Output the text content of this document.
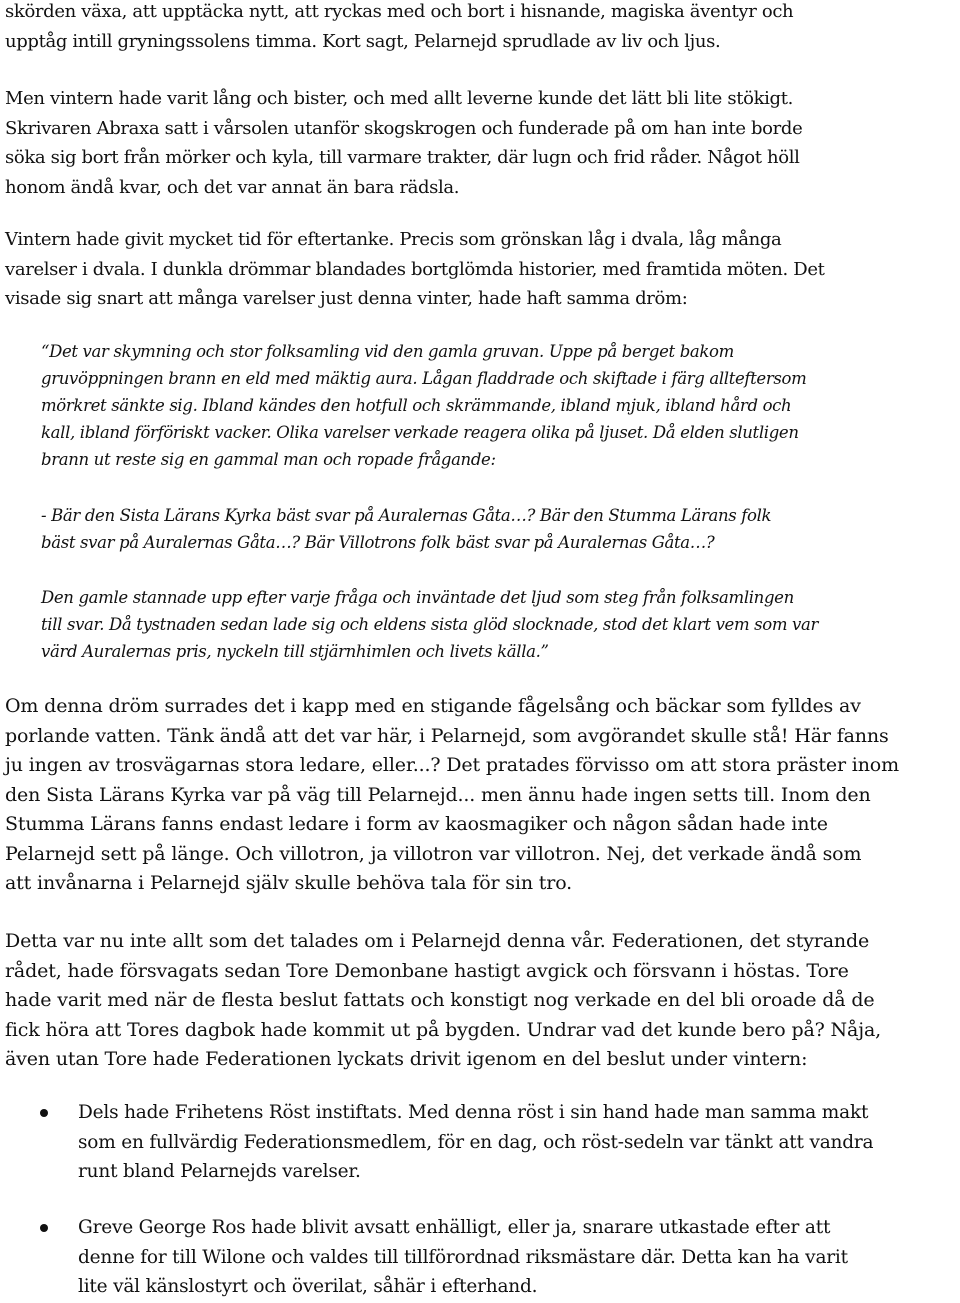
skörden växa, att upptäcka nytt, att ryckas med och bort i hisnande, magiska äventyr och
upptåg intill gryningssolens timma. Kort sagt, Pelarnejd sprudlade av liv och ljus.
Men vintern hade varit lång och bister, och med allt leverne kunde det lätt bli lite stökigt.
Skrivaren Abraxa satt i vårsolen utanför skogskrogen och funderade på om han inte borde
söka sig bort från mörker och kyla, till varmare trakter, där lugn och frid råder. Något höll
honom ändå kvar, och det var annat än bara rädsla.
Vintern hade givit mycket tid för eftertanke. Precis som grönskan låg i dvala, låg många
varelser i dvala. I dunkla drömmar blandades bortglömda historier, med framtida möten. Det
visade sig snart att många varelser just denna vinter, hade haft samma dröm:
“Det var skymning och stor folksamling vid den gamla gruvan. Uppe på berget bakom
gruvöppningen brann en eld med mäktig aura. Lågan fladdrade och skiftade i färg allteftersom
mörkret sänkte sig. Ibland kändes den hotfull och skrämmande, ibland mjuk, ibland hård och
kall, ibland förföriskt vacker. Olika varelser verkade reagera olika på ljuset. Då elden slutligen
brann ut reste sig en gammal man och ropade frågande:
- Bär den Sista Lärans Kyrka bäst svar på Auralernas Gåta…? Bär den Stumma Lärans folk
bäst svar på Auralernas Gåta…? Bär Villotrons folk bäst svar på Auralernas Gåta…?
Den gamle stannade upp efter varje fråga och inväntade det ljud som steg från folksamlingen
till svar. Då tystnaden sedan lade sig och eldens sista glöd slocknade, stod det klart vem som var
värd Auralernas pris, nyckeln till stjärnhimlen och livets källa.”
Om denna dröm surrades det i kapp med en stigande fågelsång och bäckar som fylldes av
porlande vatten. Tänk ändå att det var här, i Pelarnejd, som avgörandet skulle stå! Här fanns
ju ingen av trosvägarnas stora ledare, eller...? Det pratades förvisso om att stora präster inom
den Sista Lärans Kyrka var på väg till Pelarnejd... men ännu hade ingen setts till. Inom den
Stumma Lärans fanns endast ledare i form av kaosmagiker och någon sådan hade inte
Pelarnejd sett på länge. Och villotron, ja villotron var villotron. Nej, det verkade ändå som
att invånarna i Pelarnejd själv skulle behöva tala för sin tro.
Detta var nu inte allt som det talades om i Pelarnejd denna vår. Federationen, det styrande
rådet, hade försvagats sedan Tore Demonbane hastigt avgick och försvann i höstas. Tore
hade varit med när de flesta beslut fattats och konstigt nog verkade en del bli oroade då de
fick höra att Tores dagbok hade kommit ut på bygden. Undrar vad det kunde bero på? Nåja,
även utan Tore hade Federationen lyckats drivit igenom en del beslut under vintern:
Dels hade Frihetens Röst instiftats. Med denna röst i sin hand hade man samma makt
som en fullvärdig Federationsmedlem, för en dag, och röst-sedeln var tänkt att vandra
runt bland Pelarnejds varelser.
Greve George Ros hade blivit avsatt enhälligt, eller ja, snarare utkastade efter att
denne for till Wilone och valdes till tillförordnad riksmästare där. Detta kan ha varit
lite väl känslostyrt och överilat, såhär i efterhand.
